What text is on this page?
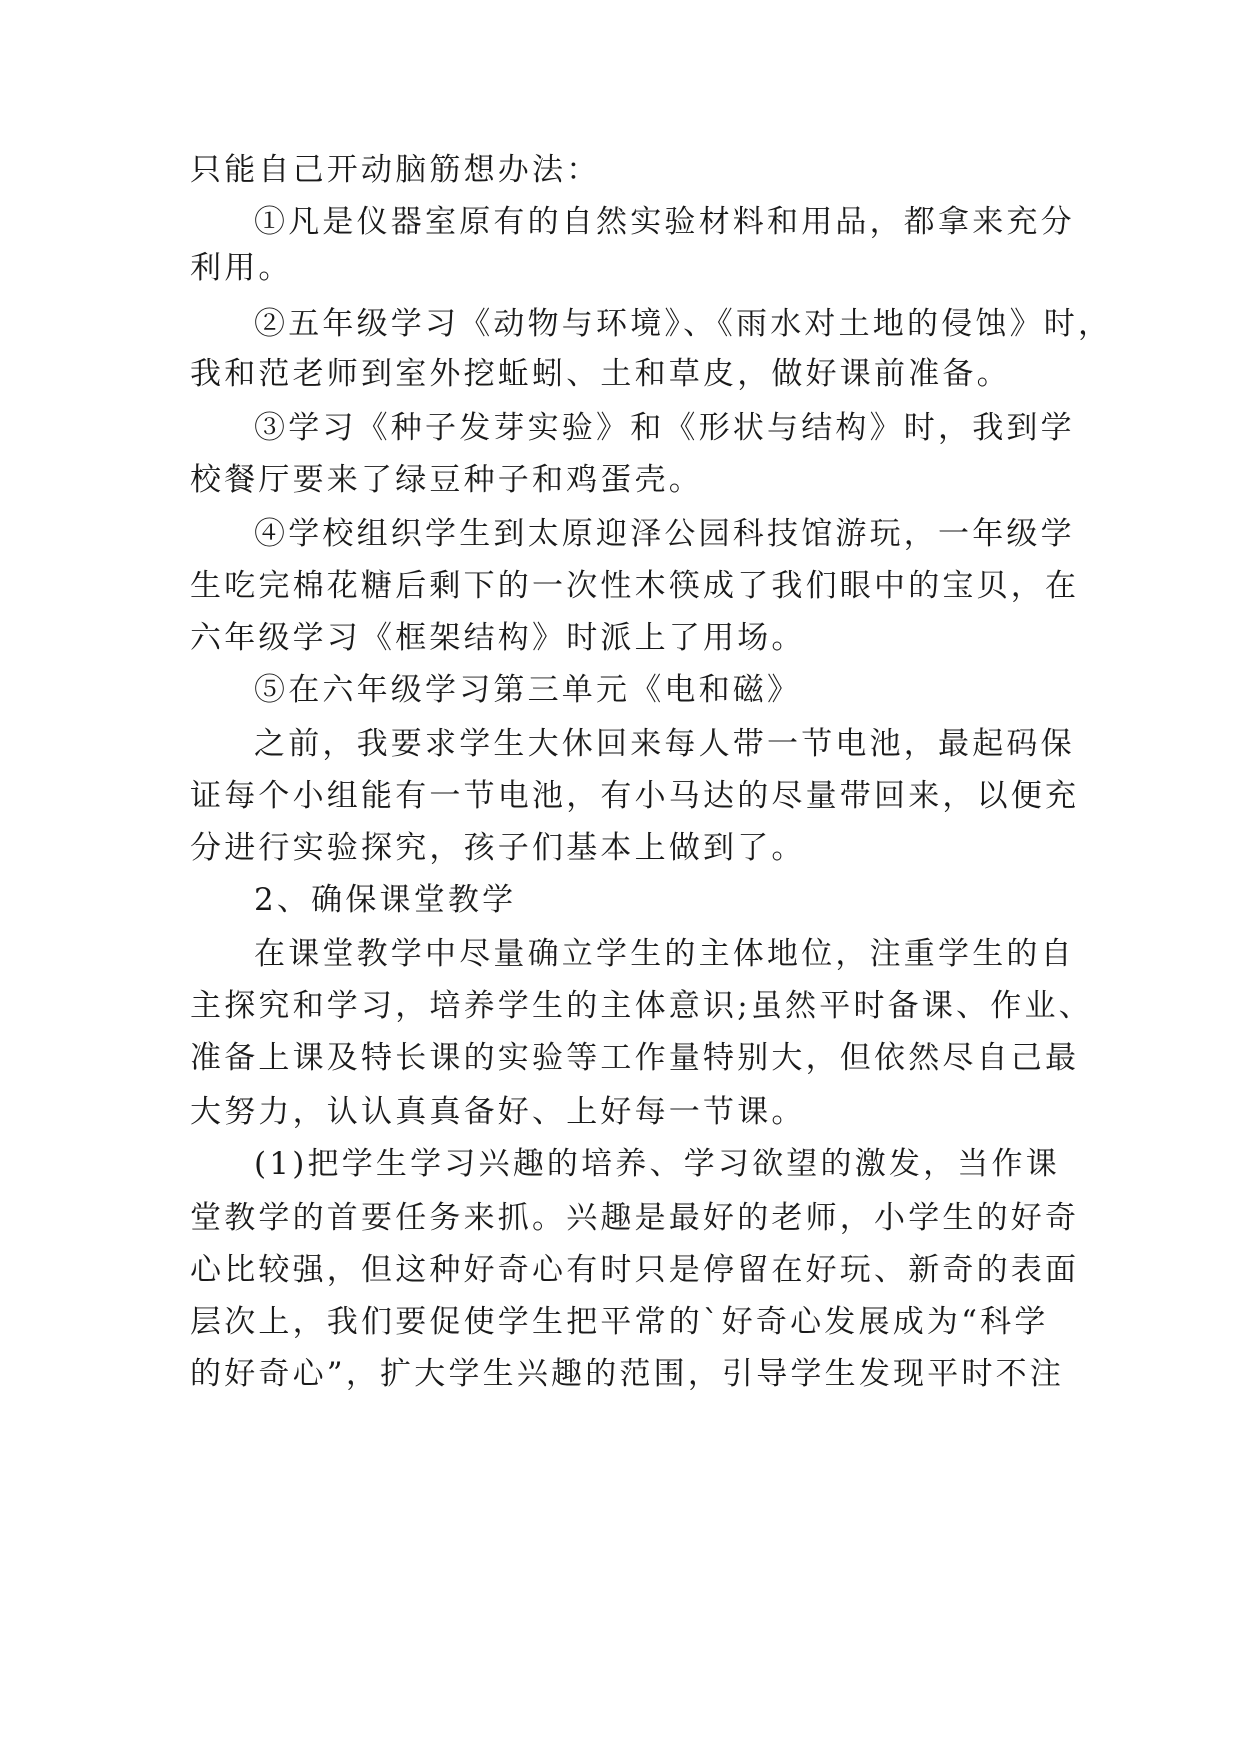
只能自己开动脑筋想办法：
①凡是仪器室原有的自然实验材料和用品，都拿来充分
利用。
②五年级学习《动物与环境》、《雨水对土地的侵蚀》时，
我和范老师到室外挖蚯蚓、土和草皮，做好课前准备。
③学习《种子发芽实验》和《形状与结构》时，我到学
校餐厅要来了绿豆种子和鸡蛋壳。
④学校组织学生到太原迎泽公园科技馆游玩，一年级学
生吃完棉花糖后剩下的一次性木筷成了我们眼中的宝贝，在
六年级学习《框架结构》时派上了用场。
⑤在六年级学习第三单元《电和磁》
之前，我要求学生大休回来每人带一节电池，最起码保
证每个小组能有一节电池，有小马达的尽量带回来，以便充
分进行实验探究，孩子们基本上做到了。
2、确保课堂教学
在课堂教学中尽量确立学生的主体地位，注重学生的自
主探究和学习，培养学生的主体意识;虽然平时备课、作业、
准备上课及特长课的实验等工作量特别大，但依然尽自己最
大努力，认认真真备好、上好每一节课。
(1)把学生学习兴趣的培养、学习欲望的激发，当作课
堂教学的首要任务来抓。兴趣是最好的老师，小学生的好奇
心比较强，但这种好奇心有时只是停留在好玩、新奇的表面
层次上，我们要促使学生把平常的`好奇心发展成为“科学
的好奇心”，扩大学生兴趣的范围，引导学生发现平时不注
